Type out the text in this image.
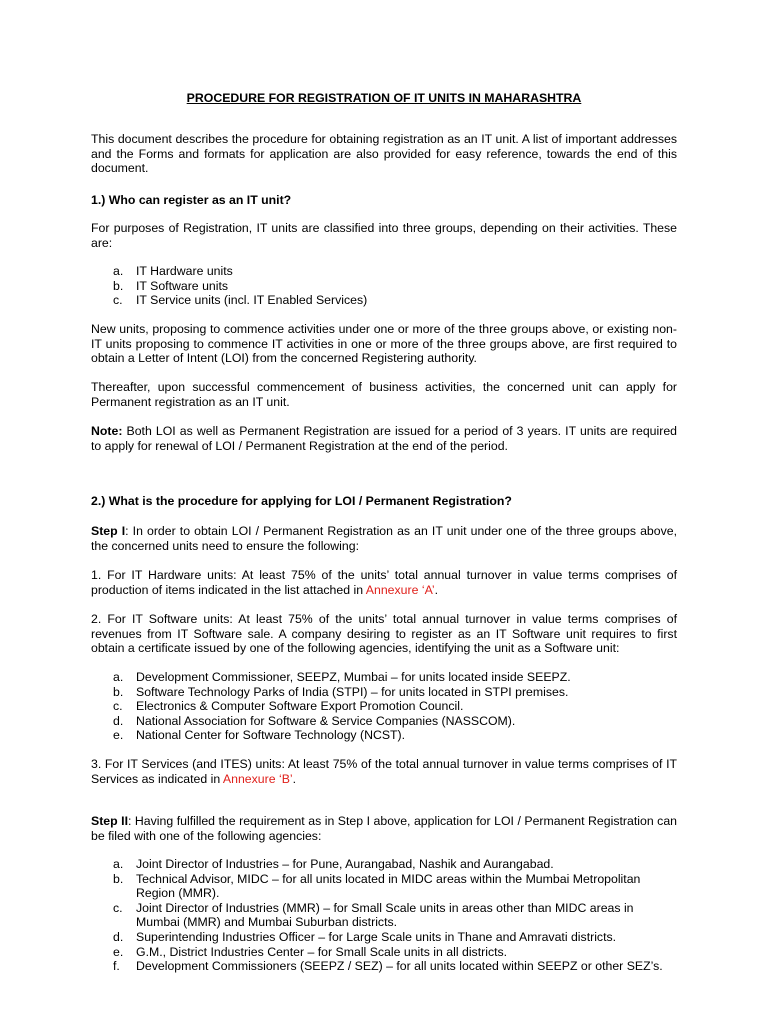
PROCEDURE FOR REGISTRATION OF IT UNITS IN MAHARASHTRA
This document describes the procedure for obtaining registration as an IT unit. A list of important addresses and the Forms and formats for application are also provided for easy reference, towards the end of this document.
1.) Who can register as an IT unit?
For purposes of Registration, IT units are classified into three groups, depending on their activities. These are:
a. IT Hardware units
b. IT Software units
c. IT Service units (incl. IT Enabled Services)
New units, proposing to commence activities under one or more of the three groups above, or existing non-IT units proposing to commence IT activities in one or more of the three groups above, are first required to obtain a Letter of Intent (LOI) from the concerned Registering authority.
Thereafter, upon successful commencement of business activities, the concerned unit can apply for Permanent registration as an IT unit.
Note: Both LOI as well as Permanent Registration are issued for a period of 3 years. IT units are required to apply for renewal of LOI / Permanent Registration at the end of the period.
2.) What is the procedure for applying for LOI / Permanent Registration?
Step I: In order to obtain LOI / Permanent Registration as an IT unit under one of the three groups above, the concerned units need to ensure the following:
1. For IT Hardware units: At least 75% of the units’ total annual turnover in value terms comprises of production of items indicated in the list attached in Annexure ‘A’.
2. For IT Software units: At least 75% of the units’ total annual turnover in value terms comprises of revenues from IT Software sale. A company desiring to register as an IT Software unit requires to first obtain a certificate issued by one of the following agencies, identifying the unit as a Software unit:
a. Development Commissioner, SEEPZ, Mumbai – for units located inside SEEPZ.
b. Software Technology Parks of India (STPI) – for units located in STPI premises.
c. Electronics & Computer Software Export Promotion Council.
d. National Association for Software & Service Companies (NASSCOM).
e. National Center for Software Technology (NCST).
3. For IT Services (and ITES) units: At least 75% of the total annual turnover in value terms comprises of IT Services as indicated in Annexure ‘B’.
Step II: Having fulfilled the requirement as in Step I above, application for LOI / Permanent Registration can be filed with one of the following agencies:
a. Joint Director of Industries – for Pune, Aurangabad, Nashik and Aurangabad.
b. Technical Advisor, MIDC – for all units located in MIDC areas within the Mumbai Metropolitan Region (MMR).
c. Joint Director of Industries (MMR) – for Small Scale units in areas other than MIDC areas in Mumbai (MMR) and Mumbai Suburban districts.
d. Superintending Industries Officer – for Large Scale units in Thane and Amravati districts.
e. G.M., District Industries Center – for Small Scale units in all districts.
f. Development Commissioners (SEEPZ / SEZ) – for all units located within SEEPZ or other SEZ’s.
